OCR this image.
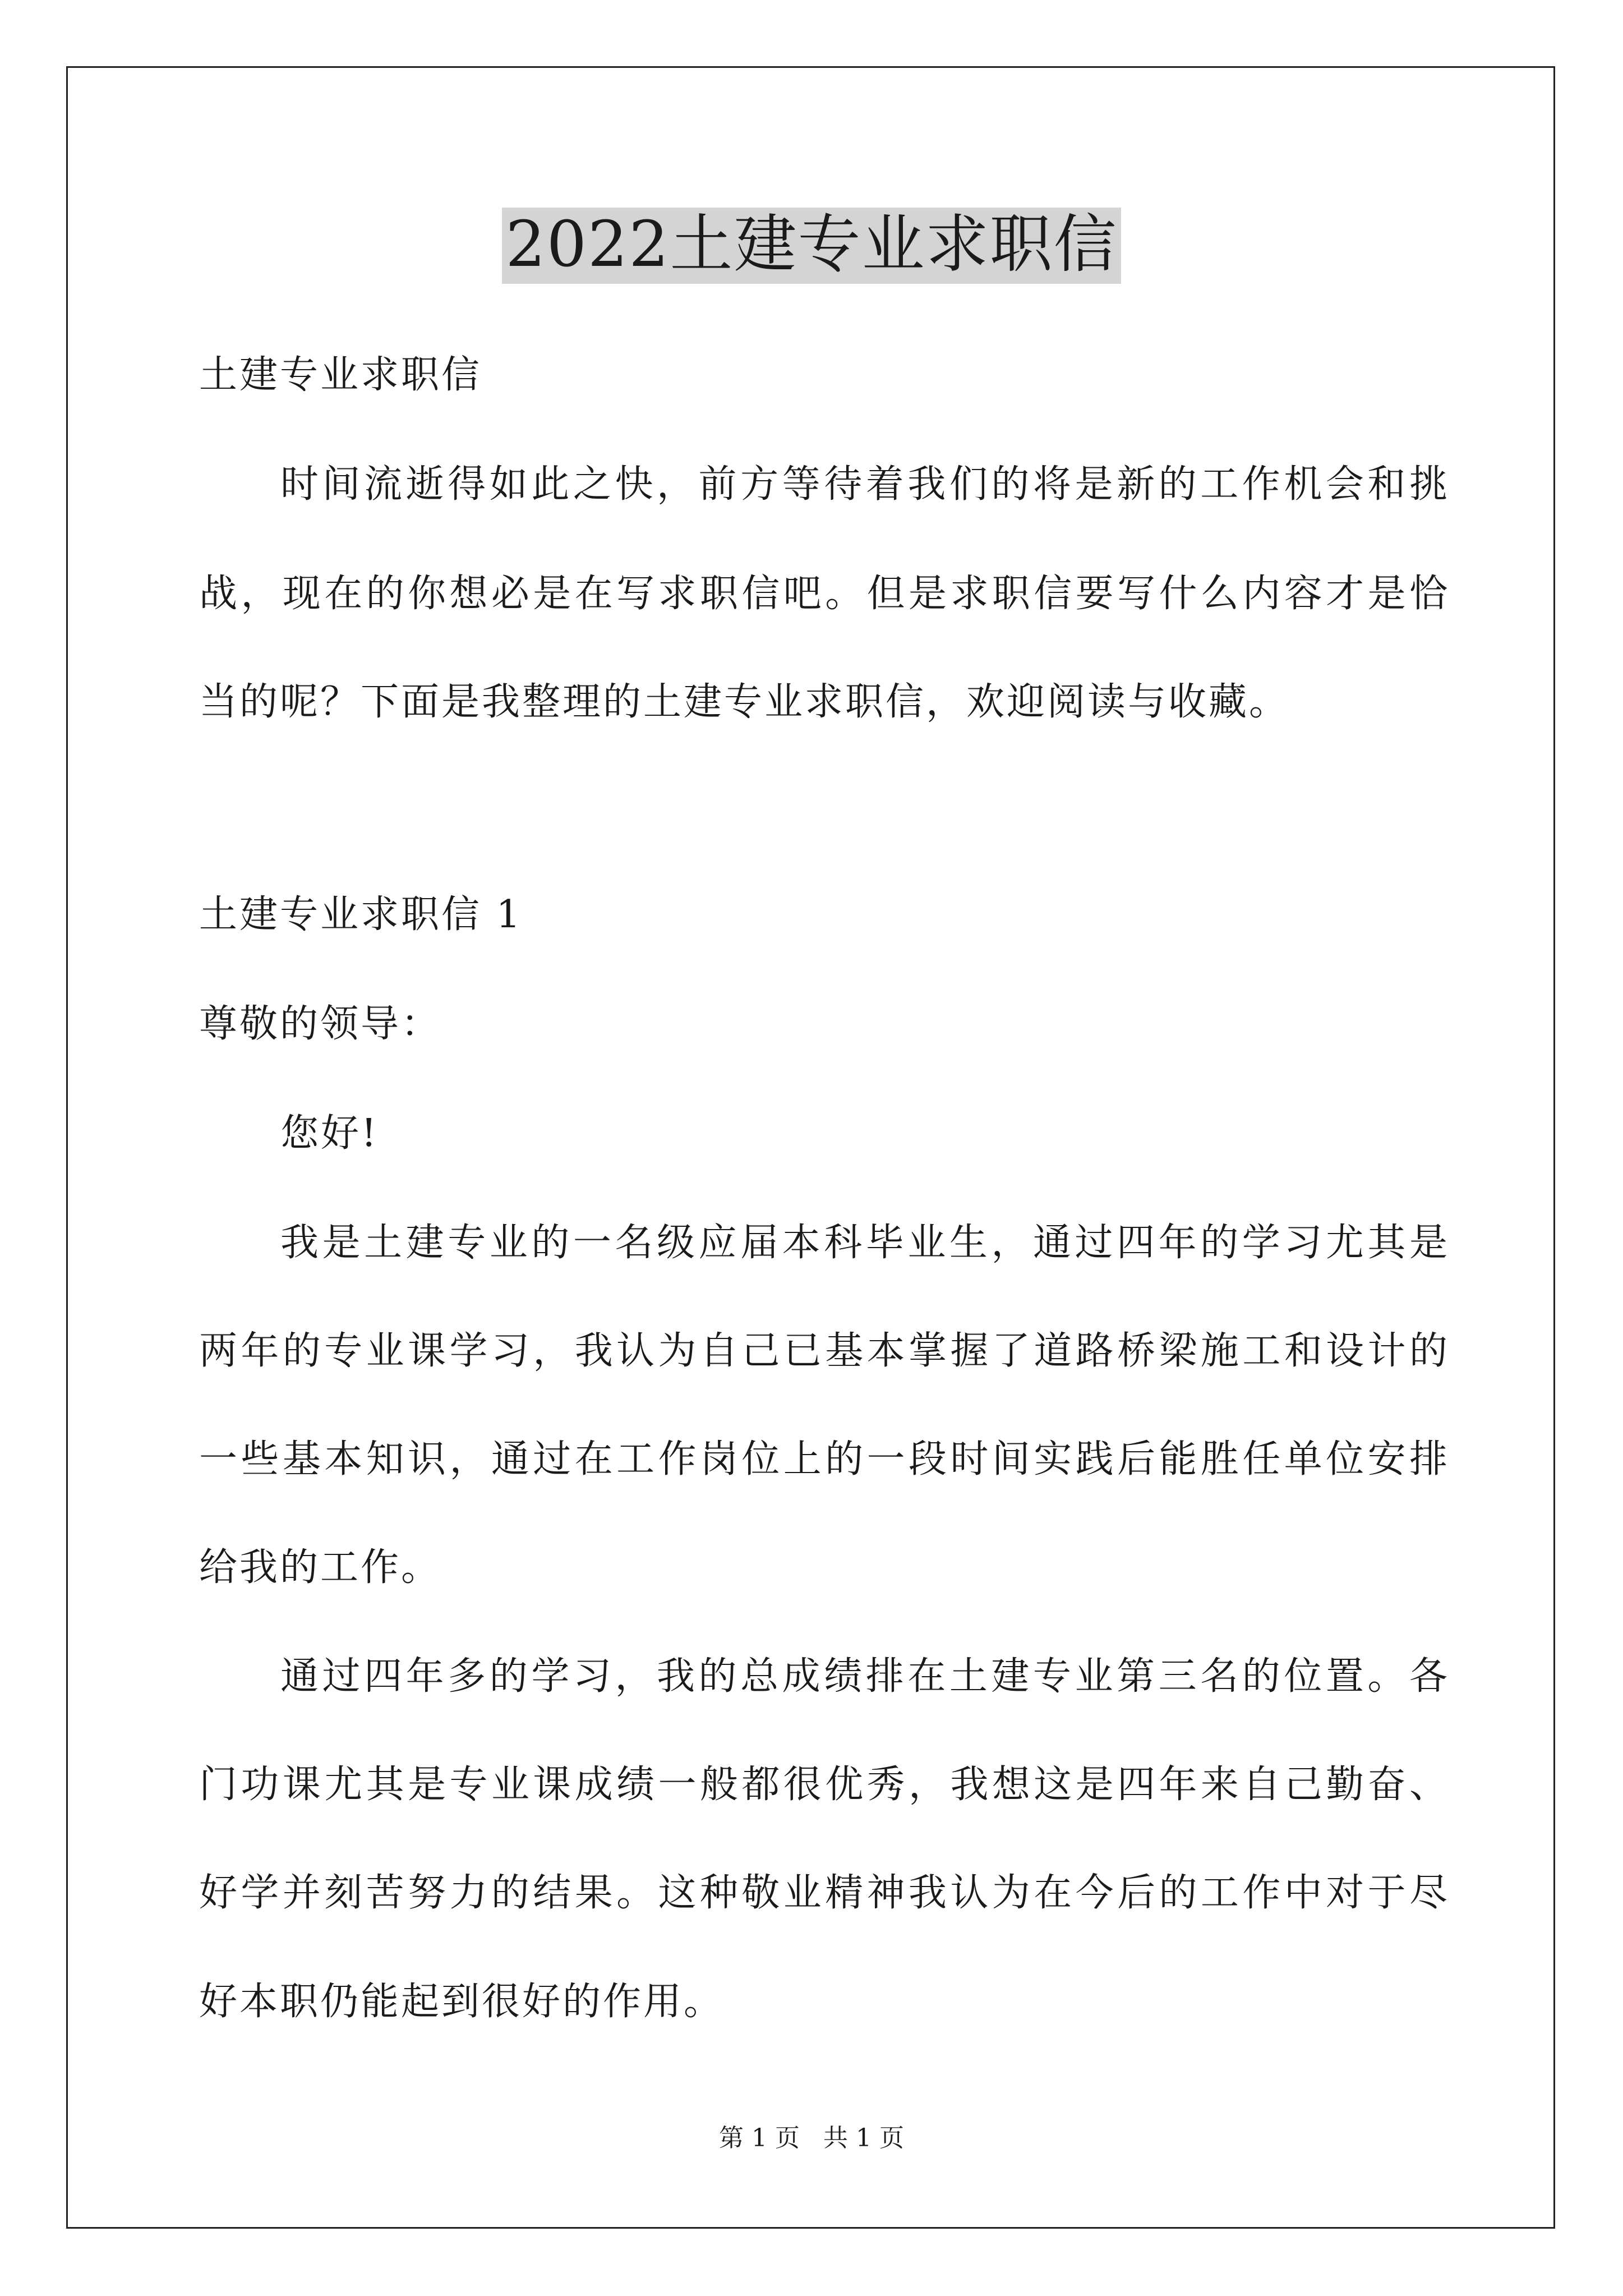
2022土建专业求职信

土建专业求职信

时间流逝得如此之快，前方等待着我们的将是新的工作机会和挑

战，现在的你想必是在写求职信吧。但是求职信要写什么内容才是恰

当的呢？下面是我整理的土建专业求职信，欢迎阅读与收藏。

土建专业求职信 1

尊敬的领导：

您好!

我是土建专业的一名级应届本科毕业生，通过四年的学习尤其是

两年的专业课学习，我认为自己已基本掌握了道路桥梁施工和设计的

一些基本知识，通过在工作岗位上的一段时间实践后能胜任单位安排

给我的工作。

通过四年多的学习，我的总成绩排在土建专业第三名的位置。各

门功课尤其是专业课成绩一般都很优秀，我想这是四年来自己勤奋、

好学并刻苦努力的结果。这种敬业精神我认为在今后的工作中对于尽

好本职仍能起到很好的作用。

第 1 页   共 1 页
